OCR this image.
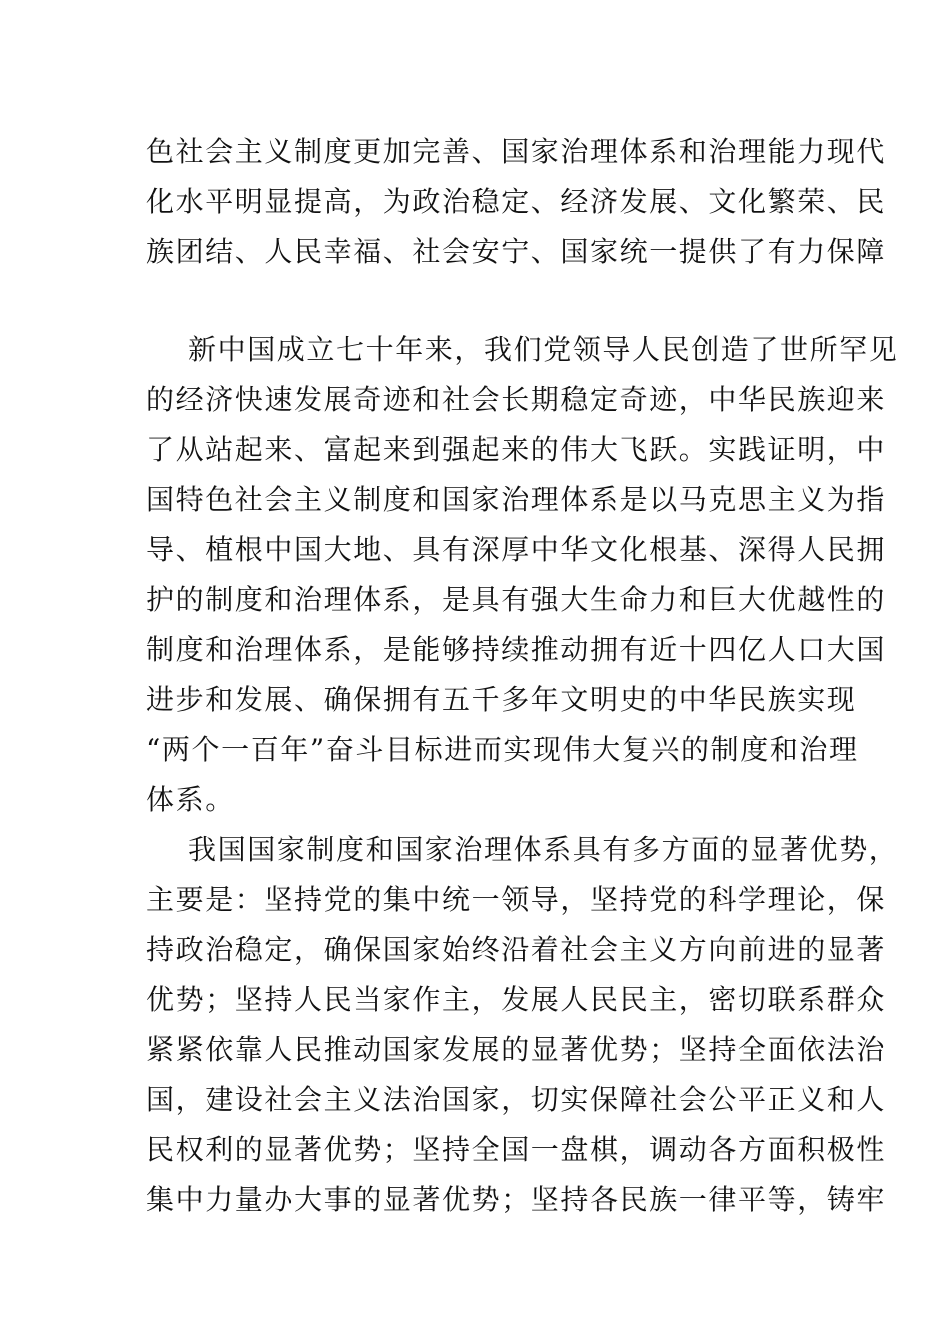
色社会主义制度更加完善、国家治理体系和治理能力现代
化水平明显提高，为政治稳定、经济发展、文化繁荣、民
族团结、人民幸福、社会安宁、国家统一提供了有力保障
新中国成立七十年来，我们党领导人民创造了世所罕见
的经济快速发展奇迹和社会长期稳定奇迹，中华民族迎来
了从站起来、富起来到强起来的伟大飞跃。实践证明，中
国特色社会主义制度和国家治理体系是以马克思主义为指
导、植根中国大地、具有深厚中华文化根基、深得人民拥
护的制度和治理体系，是具有强大生命力和巨大优越性的
制度和治理体系，是能够持续推动拥有近十四亿人口大国
进步和发展、确保拥有五千多年文明史的中华民族实现
“两个一百年”奋斗目标进而实现伟大复兴的制度和治理
体系。
我国国家制度和国家治理体系具有多方面的显著优势，
主要是：坚持党的集中统一领导，坚持党的科学理论，保
持政治稳定，确保国家始终沿着社会主义方向前进的显著
优势；坚持人民当家作主，发展人民民主，密切联系群众
紧紧依靠人民推动国家发展的显著优势；坚持全面依法治
国，建设社会主义法治国家，切实保障社会公平正义和人
民权利的显著优势；坚持全国一盘棋，调动各方面积极性
集中力量办大事的显著优势；坚持各民族一律平等，铸牢
